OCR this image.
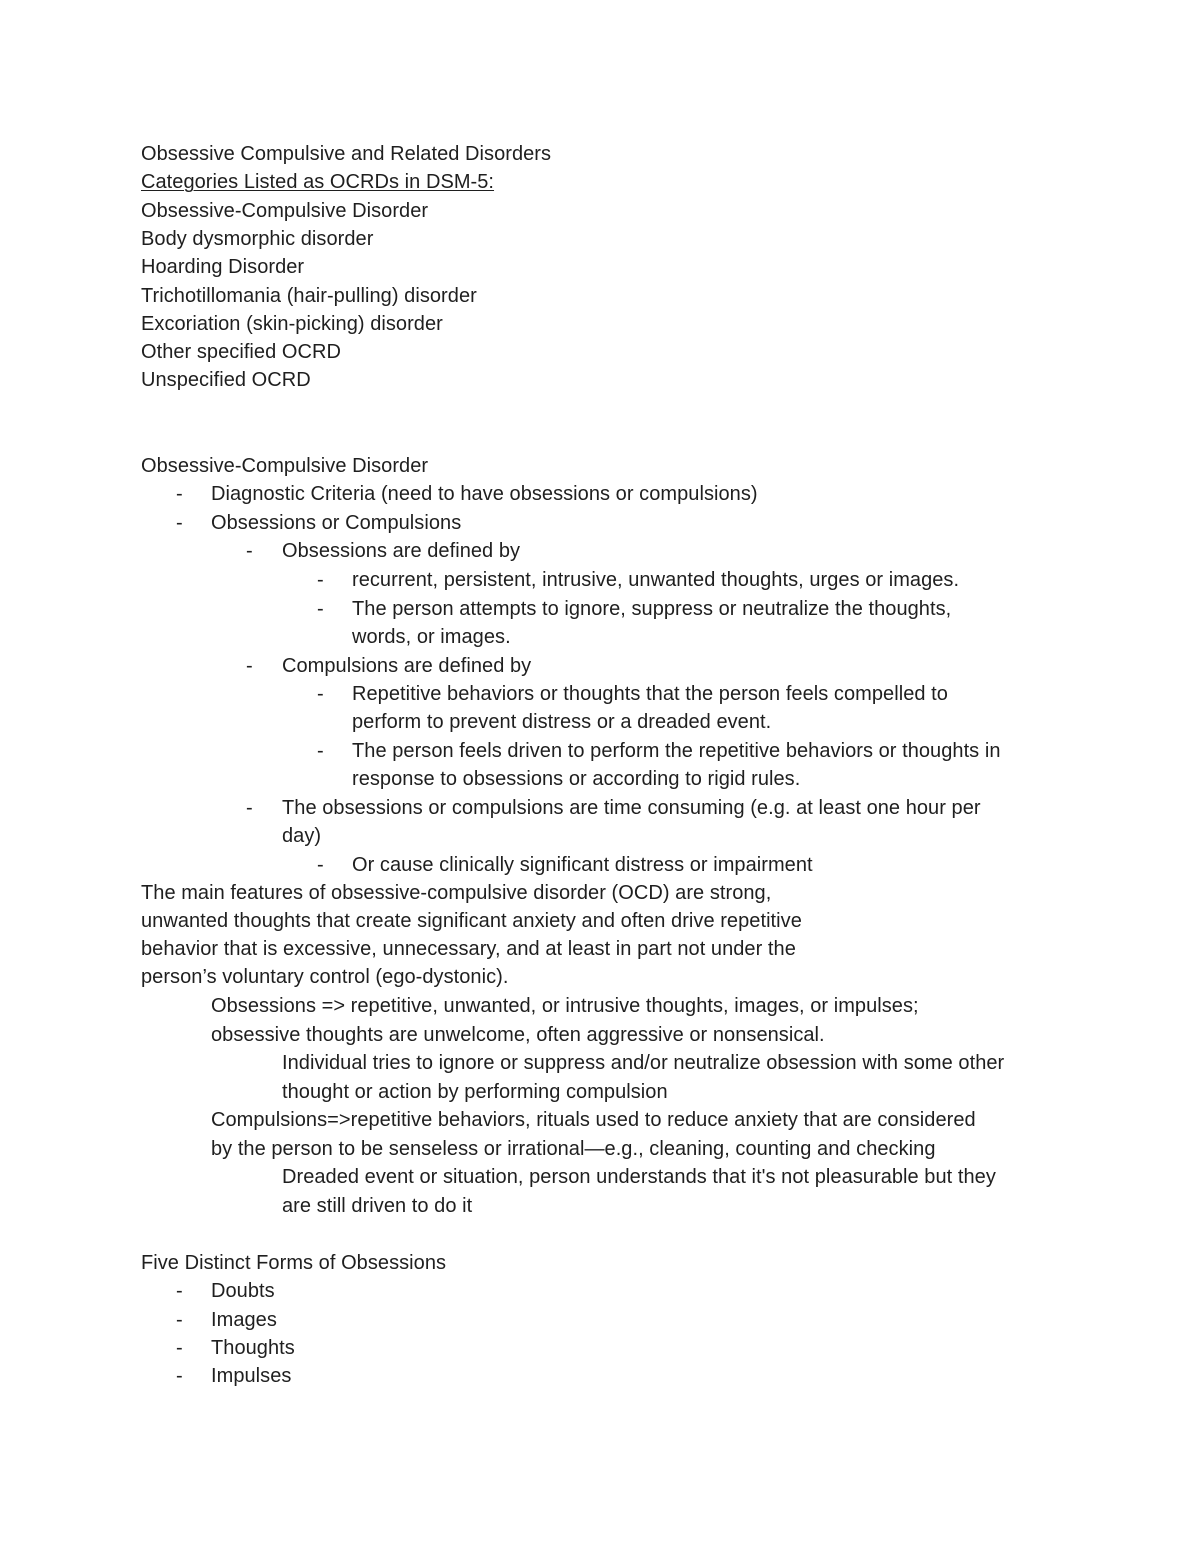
Obsessive Compulsive and Related Disorders
Categories Listed as OCRDs in DSM-5:
Obsessive-Compulsive Disorder
Body dysmorphic disorder
Hoarding Disorder
Trichotillomania (hair-pulling) disorder
Excoriation (skin-picking) disorder
Other specified OCRD
Unspecified OCRD
Obsessive-Compulsive Disorder
- Diagnostic Criteria (need to have obsessions or compulsions)
- Obsessions or Compulsions
- Obsessions are defined by
- recurrent, persistent, intrusive, unwanted thoughts, urges or images.
- The person attempts to ignore, suppress or neutralize the thoughts,
words, or images.
- Compulsions are defined by
- Repetitive behaviors or thoughts that the person feels compelled to
perform to prevent distress or a dreaded event.
- The person feels driven to perform the repetitive behaviors or thoughts in
response to obsessions or according to rigid rules.
- The obsessions or compulsions are time consuming (e.g. at least one hour per
day)
- Or cause clinically significant distress or impairment
The main features of obsessive-compulsive disorder (OCD) are strong,
unwanted thoughts that create significant anxiety and often drive repetitive
behavior that is excessive, unnecessary, and at least in part not under the
person’s voluntary control (ego-dystonic).
Obsessions => repetitive, unwanted, or intrusive thoughts, images, or impulses;
obsessive thoughts are unwelcome, often aggressive or nonsensical.
Individual tries to ignore or suppress and/or neutralize obsession with some other
thought or action by performing compulsion
Compulsions=>repetitive behaviors, rituals used to reduce anxiety that are considered
by the person to be senseless or irrational—e.g., cleaning, counting and checking
Dreaded event or situation, person understands that it's not pleasurable but they
are still driven to do it
Five Distinct Forms of Obsessions
- Doubts
- Images
- Thoughts
- Impulses
